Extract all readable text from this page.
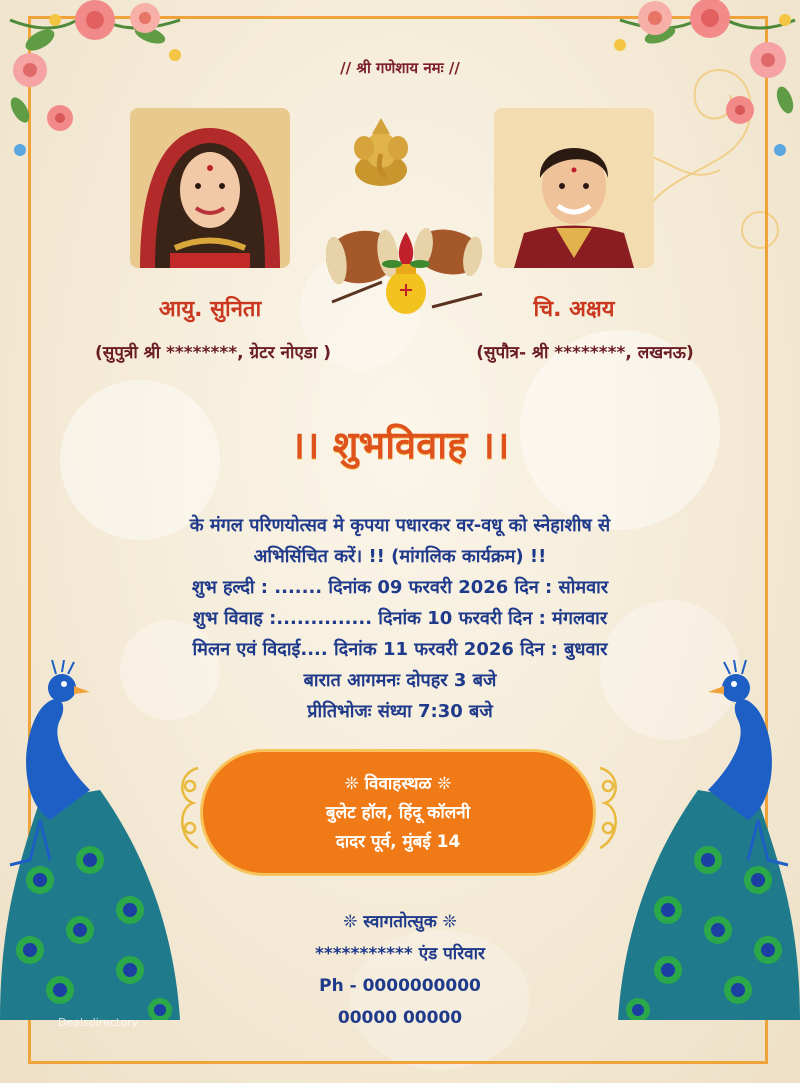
// श्री गणेशाय नमः //
आयु. सुनिता	चि. अक्षय
(सुपुत्री श्री ********, ग्रेटर नोएडा )	(सुपौत्र- श्री ********, लखनऊ)
।। शुभविवाह ।।
के मंगल परिणयोत्सव मे कृपया पधारकर वर-वधू को स्नेहाशीष से
अभिसिंचित करें। !! (मांगलिक कार्यक्रम) !!
शुभ हल्दी : ....... दिनांक 09 फरवरी 2026 दिन : सोमवार
शुभ विवाह :.............. दिनांक 10 फरवरी दिन : मंगलवार
मिलन एवं विदाई.... दिनांक 11 फरवरी 2026 दिन : बुधवार
बारात आगमनः दोपहर 3 बजे
प्रीतिभोजः संध्या 7:30 बजे
❊ विवाहस्थळ ❊
बुलेट हॉल, हिंदू कॉलनी
दादर पूर्व, मुंबई 14
❊ स्वागतोत्सुक ❊
*********** एंड परिवार
Ph - 0000000000
00000 00000
Dealsdirectory
